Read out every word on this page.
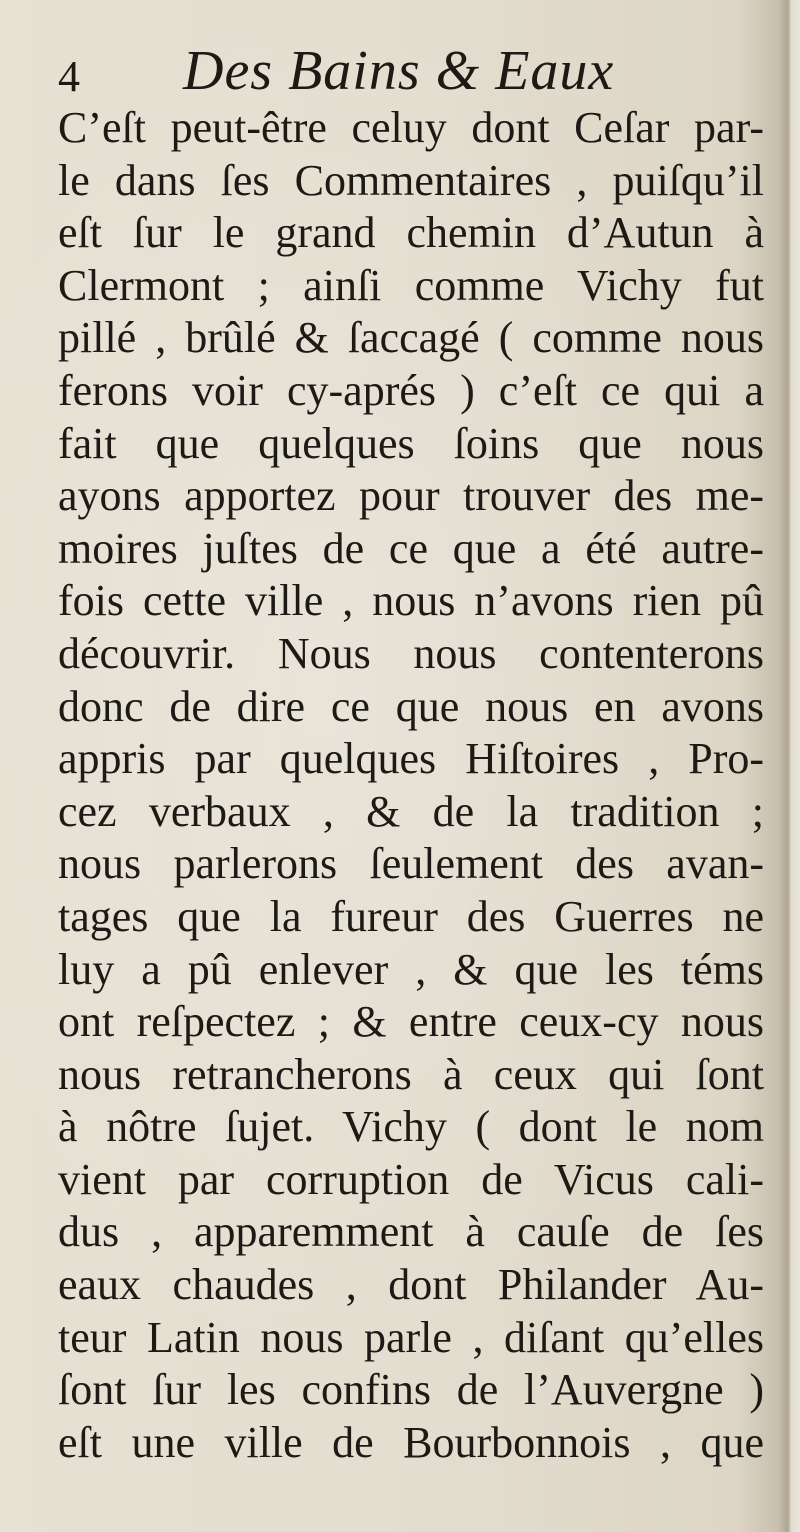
4 Des Bains & Eaux
C’eſt peut-être celuy dont Ceſar par-
le dans ſes Commentaires , puiſqu’il
eſt ſur le grand chemin d’Autun à
Clermont ; ainſi comme Vichy fut
pillé , brûlé & ſaccagé ( comme nous
ferons voir cy-aprés ) c’eſt ce qui a
fait que quelques ſoins que nous
ayons apportez pour trouver des me-
moires juſtes de ce que a été autre-
fois cette ville , nous n’avons rien pû
découvrir. Nous nous contenterons
donc de dire ce que nous en avons
appris par quelques Hiſtoires , Pro-
cez verbaux , & de la tradition ;
nous parlerons ſeulement des avan-
tages que la fureur des Guerres ne
luy a pû enlever , & que les téms
ont reſpectez ; & entre ceux-cy nous
nous retrancherons à ceux qui ſont
à nôtre ſujet. Vichy ( dont le nom
vient par corruption de Vicus cali-
dus , apparemment à cauſe de ſes
eaux chaudes , dont Philander Au-
teur Latin nous parle , diſant qu’elles
ſont ſur les confins de l’Auvergne )
eſt une ville de Bourbonnois , que
